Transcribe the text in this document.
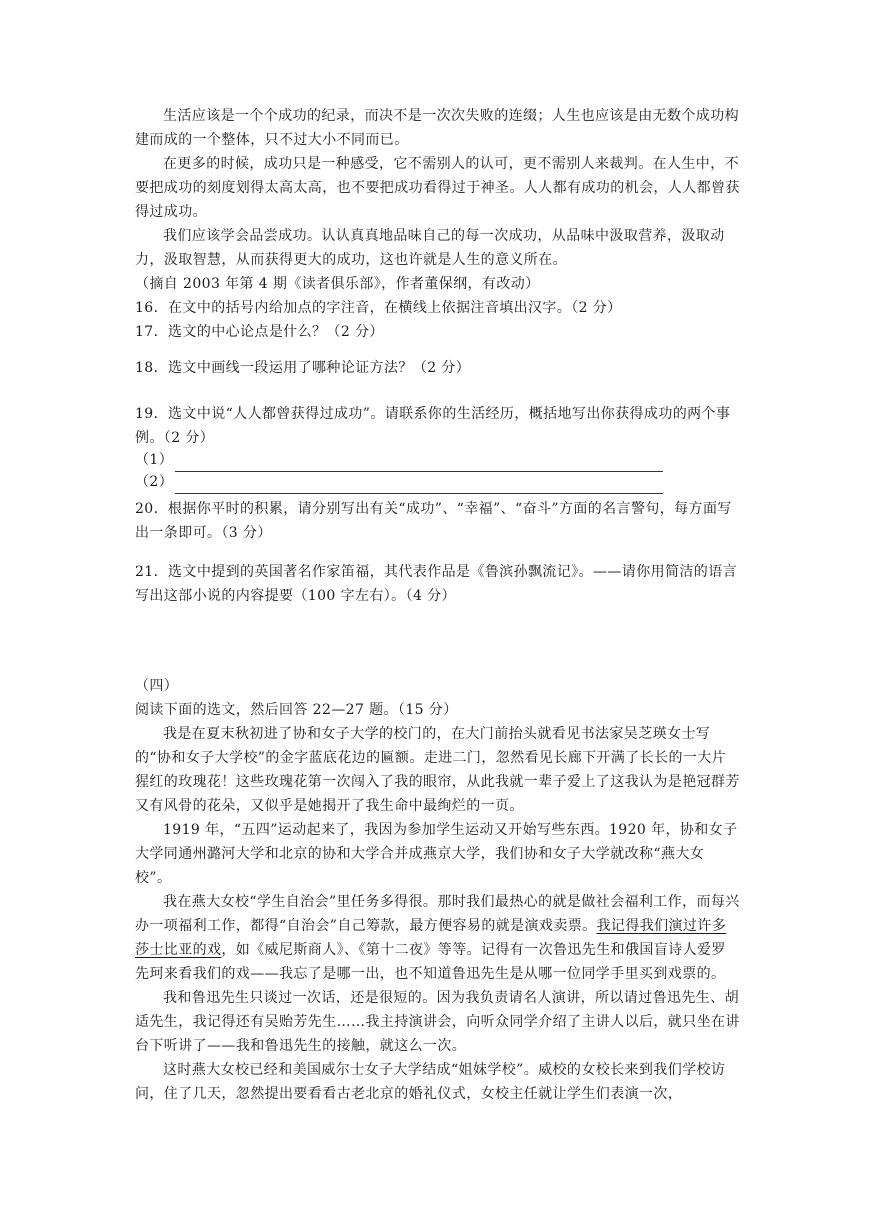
生活应该是一个个成功的纪录，而决不是一次次失败的连缀；人生也应该是由无数个成功构建而成的一个整体，只不过大小不同而已。

在更多的时候，成功只是一种感受，它不需别人的认可，更不需别人来裁判。在人生中，不要把成功的刻度划得太高太高，也不要把成功看得过于神圣。人人都有成功的机会，人人都曾获得过成功。

我们应该学会品尝成功。认认真真地品味自己的每一次成功，从品味中汲取营养，汲取动力，汲取智慧，从而获得更大的成功，这也许就是人生的意义所在。

（摘自 2003 年第 4 期《读者俱乐部》，作者董保纲，有改动）

16．在文中的括号内给加点的字注音，在横线上依据注音填出汉字。（2 分）

17．选文的中心论点是什么？（2 分）

18．选文中画线一段运用了哪种论证方法？（2 分）

19．选文中说“人人都曾获得过成功”。请联系你的生活经历，概括地写出你获得成功的两个事例。（2 分）

（1）
（2）

20．根据你平时的积累，请分别写出有关“成功”、“幸福”、“奋斗”方面的名言警句，每方面写出一条即可。（3 分）

21．选文中提到的英国著名作家笛福，其代表作品是《鲁滨孙飘流记》。——请你用简洁的语言写出这部小说的内容提要（100 字左右）。（4 分）

（四）

阅读下面的选文，然后回答 22—27 题。（15 分）

我是在夏末秋初进了协和女子大学的校门的，在大门前抬头就看见书法家吴芝瑛女士写的“协和女子大学校”的金字蓝底花边的匾额。走进二门，忽然看见长廊下开满了长长的一大片猩红的玫瑰花！这些玫瑰花第一次闯入了我的眼帘，从此我就一辈子爱上了这我认为是艳冠群芳又有风骨的花朵，又似乎是她揭开了我生命中最绚烂的一页。

1919 年，“五四”运动起来了，我因为参加学生运动又开始写些东西。1920 年，协和女子大学同通州潞河大学和北京的协和大学合并成燕京大学，我们协和女子大学就改称“燕大女校”。

我在燕大女校“学生自治会”里任务多得很。那时我们最热心的就是做社会福利工作，而每兴办一项福利工作，都得“自治会”自己筹款，最方便容易的就是演戏卖票。我记得我们演过许多莎士比亚的戏，如《威尼斯商人》、《第十二夜》等等。记得有一次鲁迅先生和俄国盲诗人爱罗先珂来看我们的戏——我忘了是哪一出，也不知道鲁迅先生是从哪一位同学手里买到戏票的。

我和鲁迅先生只谈过一次话，还是很短的。因为我负责请名人演讲，所以请过鲁迅先生、胡适先生，我记得还有吴贻芳先生……我主持演讲会，向听众同学介绍了主讲人以后，就只坐在讲台下听讲了——我和鲁迅先生的接触，就这么一次。

这时燕大女校已经和美国威尔士女子大学结成“姐妹学校”。威校的女校长来到我们学校访问，住了几天，忽然提出要看看古老北京的婚礼仪式，女校主任就让学生们表演一次，
